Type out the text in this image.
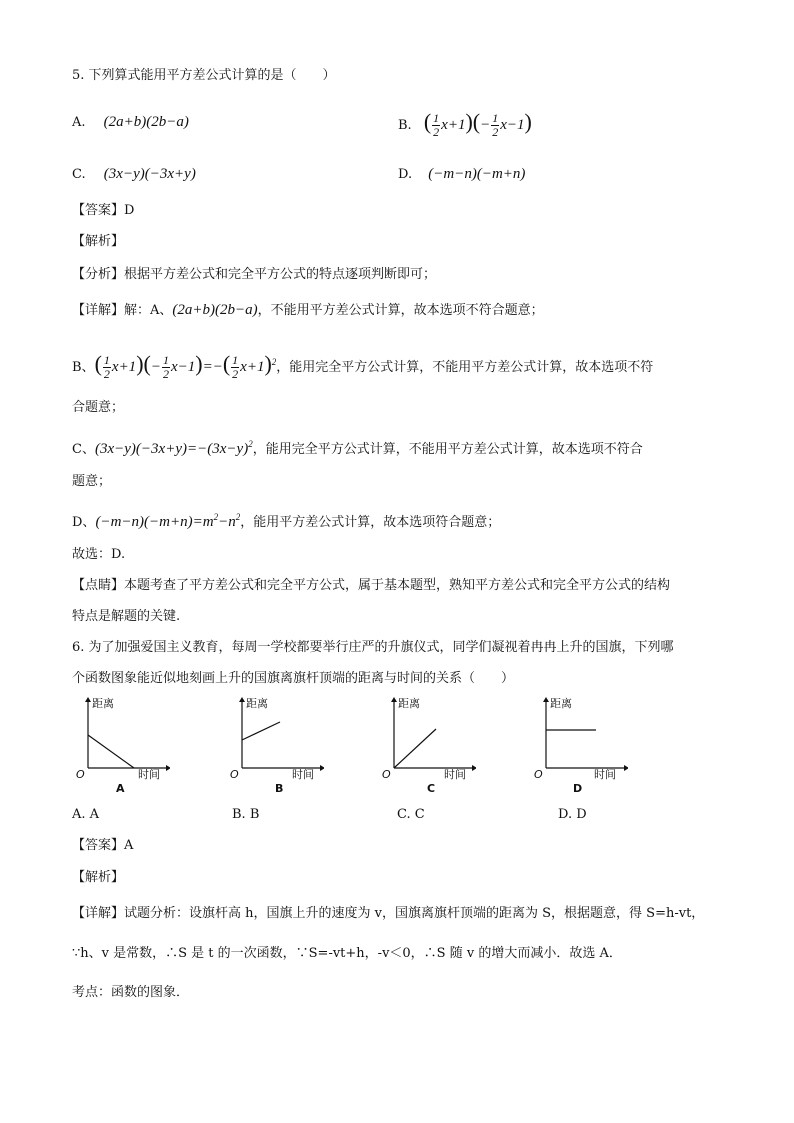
5. 下列算式能用平方差公式计算的是（　　）
A. (2a+b)(2b−a)	B. ( $\frac{1}{2} x+1)(- \frac{1}{2} x-1)$
C. (3x−y)(−3x+y)	D. (−m−n)(−m+n)
【答案】D
【解析】
【分析】根据平方差公式和完全平方公式的特点逐项判断即可；
【详解】解：A、(2a+b)(2b−a)，不能用平方差公式计算，故本选项不符合题意；
B、( $\frac{1}{2} x+1)(- \frac{1}{2} x-1)=-( \frac{1}{2} x+1)^2$，能用完全平方公式计算，不能用平方差公式计算，故本选项不符
合题意；
C、$(3x-y)(-3x+y)=-(3x-y)^2$，能用完全平方公式计算，不能用平方差公式计算，故本选项不符合
题意；
D、$(-m-n)(-m+n)=m^2-n^2$，能用平方差公式计算，故本选项符合题意；
故选：D.
【点睛】本题考查了平方差公式和完全平方公式，属于基本题型，熟知平方差公式和完全平方公式的结构
特点是解题的关键.
6. 为了加强爱国主义教育，每周一学校都要举行庄严的升旗仪式，同学们凝视着冉冉上升的国旗，下列哪
个函数图象能近似地刻画上升的国旗离旗杆顶端的距离与时间的关系（　　）
距离
时间
O
A
距离
时间
O
B
距离
时间
O
C
距离
时间
O
D
A. A	B. B	C. C	D. D
【答案】A
【解析】
【详解】试题分析：设旗杆高 h，国旗上升的速度为 v，国旗离旗杆顶端的距离为 S，根据题意，得 S=h-vt，
∵h、v 是常数，∴S 是 t 的一次函数，∵S=-vt+h，-v＜0，∴S 随 v 的增大而减小．故选 A．
考点：函数的图象．
